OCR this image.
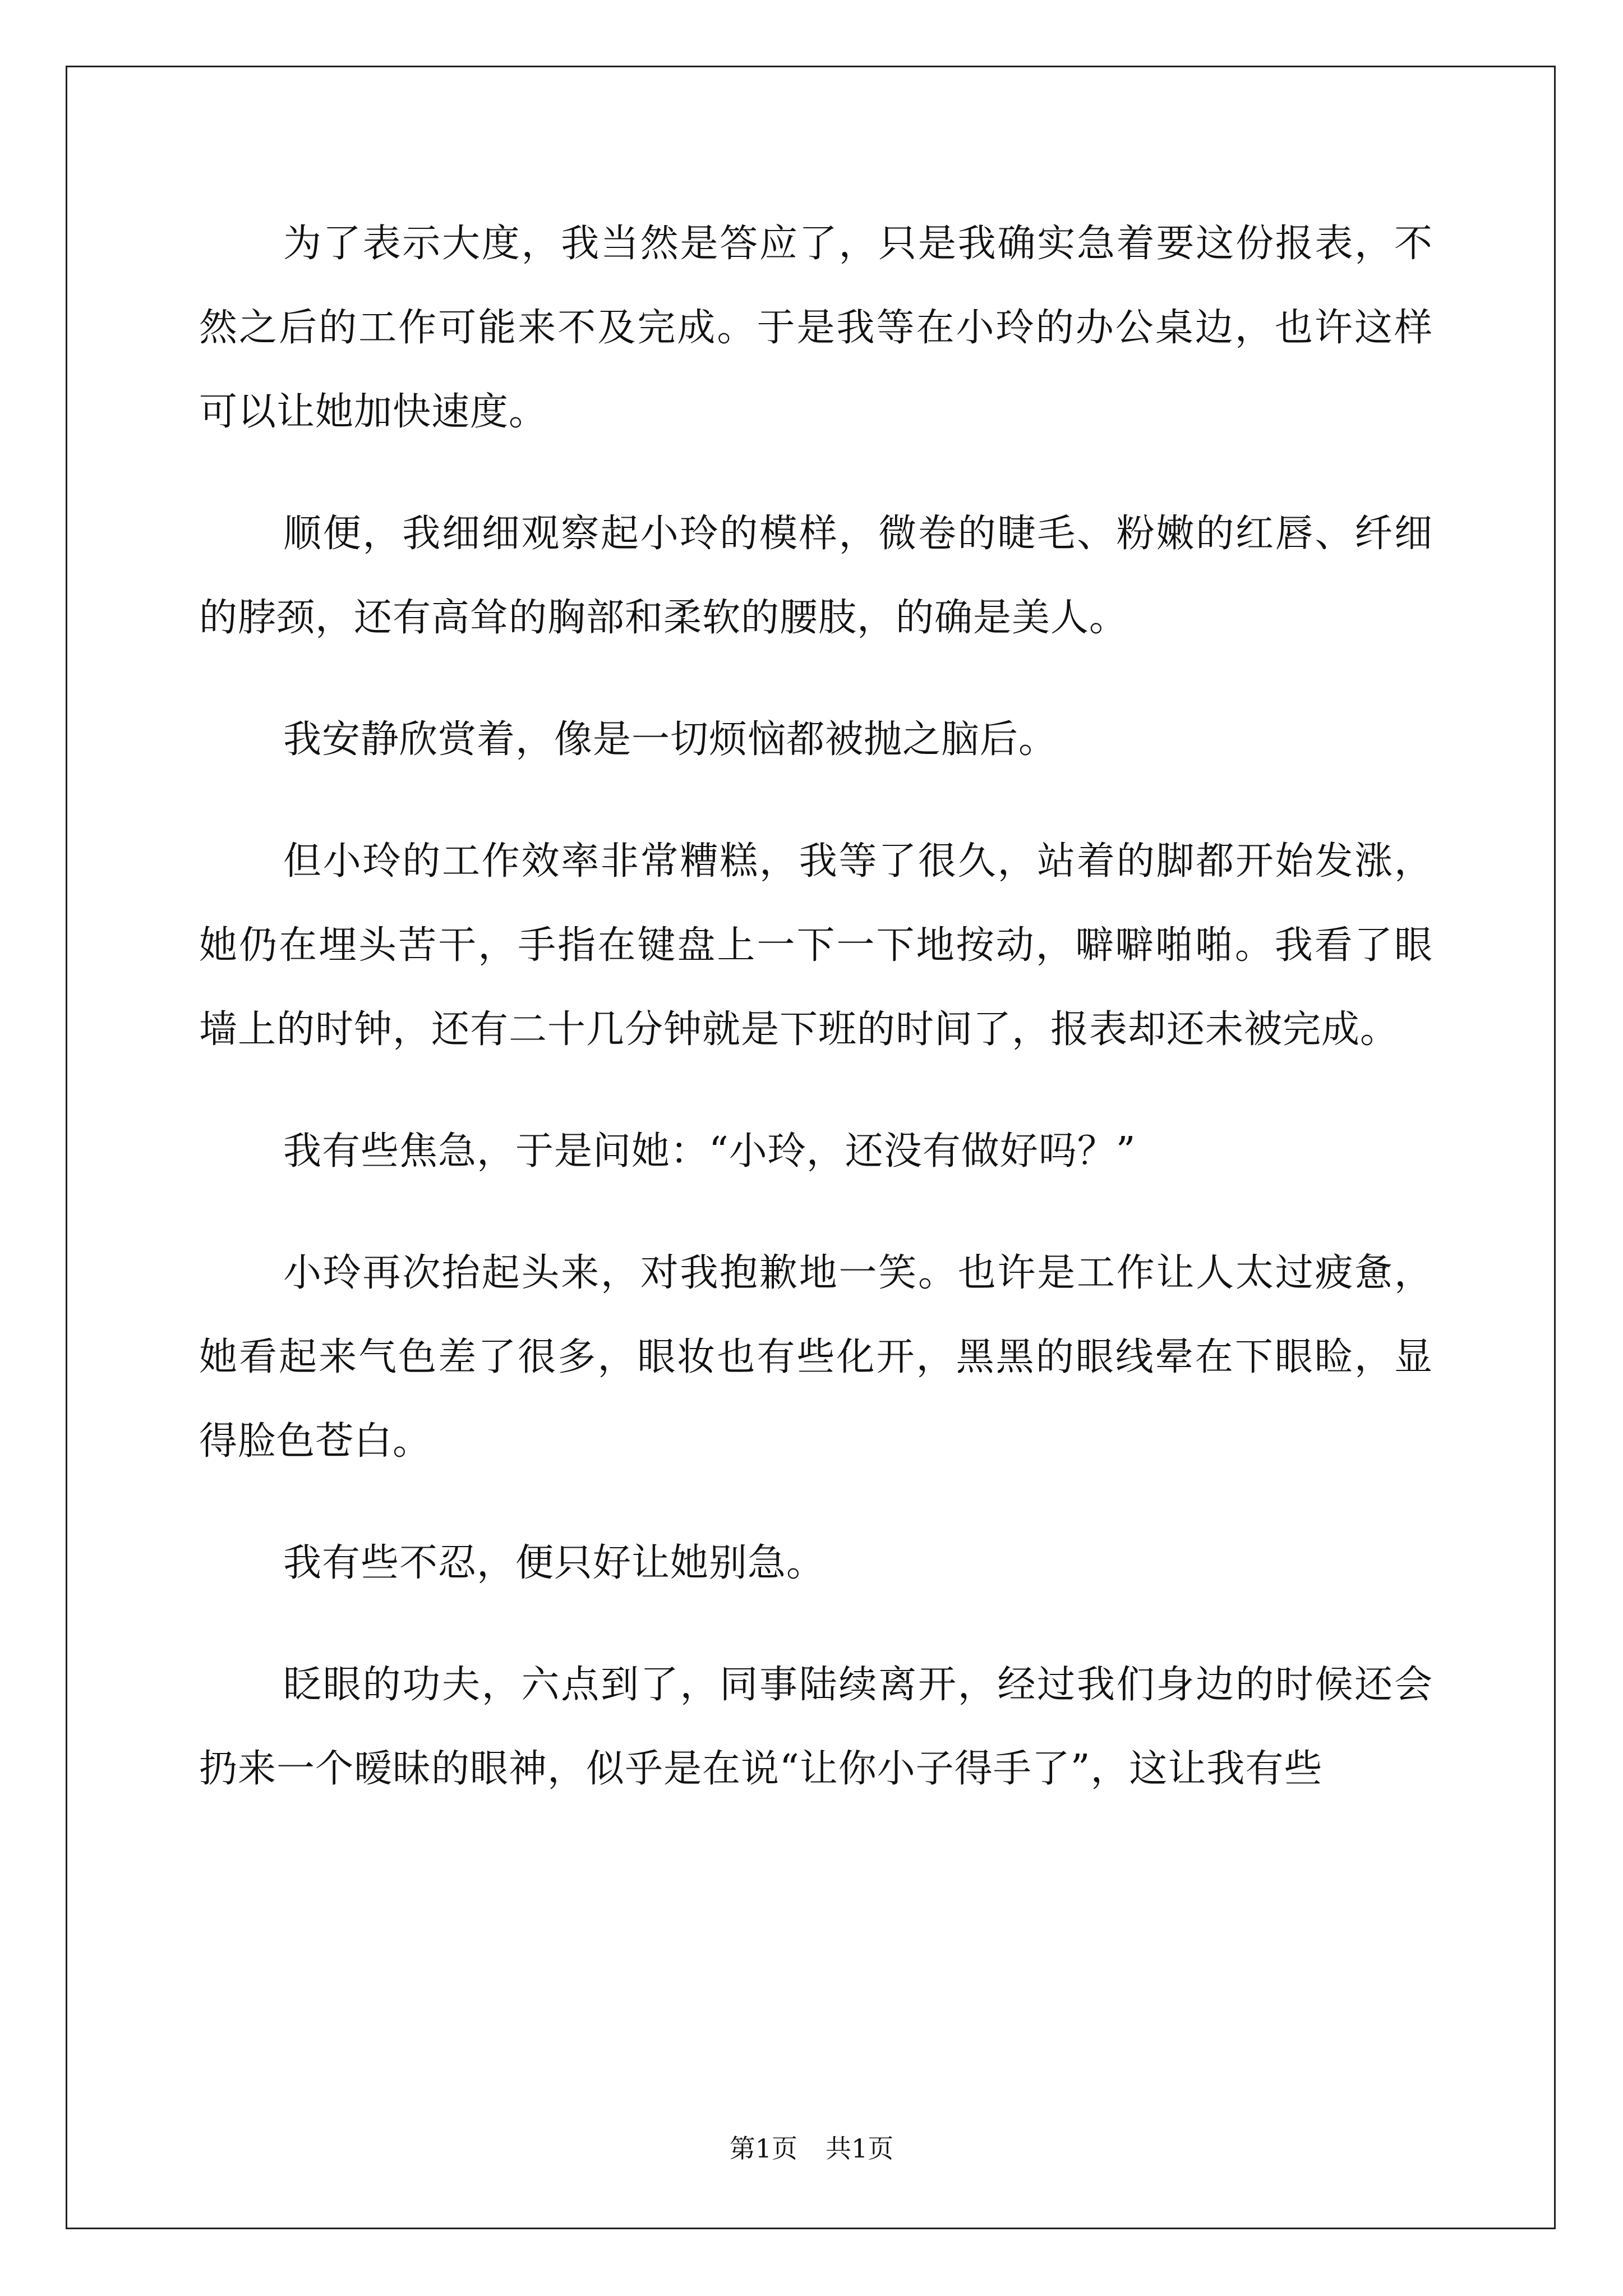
为了表示大度，我当然是答应了，只是我确实急着要这份报表，不然之后的工作可能来不及完成。于是我等在小玲的办公桌边，也许这样可以让她加快速度。

顺便，我细细观察起小玲的模样，微卷的睫毛、粉嫩的红唇、纤细的脖颈，还有高耸的胸部和柔软的腰肢，的确是美人。

我安静欣赏着，像是一切烦恼都被抛之脑后。

但小玲的工作效率非常糟糕，我等了很久，站着的脚都开始发涨，她仍在埋头苦干，手指在键盘上一下一下地按动，噼噼啪啪。我看了眼墙上的时钟，还有二十几分钟就是下班的时间了，报表却还未被完成。

我有些焦急，于是问她：“小玲，还没有做好吗？”

小玲再次抬起头来，对我抱歉地一笑。也许是工作让人太过疲惫，她看起来气色差了很多，眼妆也有些化开，黑黑的眼线晕在下眼睑，显得脸色苍白。

我有些不忍，便只好让她别急。

眨眼的功夫，六点到了，同事陆续离开，经过我们身边的时候还会扔来一个暧昧的眼神，似乎是在说“让你小子得手了”，这让我有些

第1页 共1页
